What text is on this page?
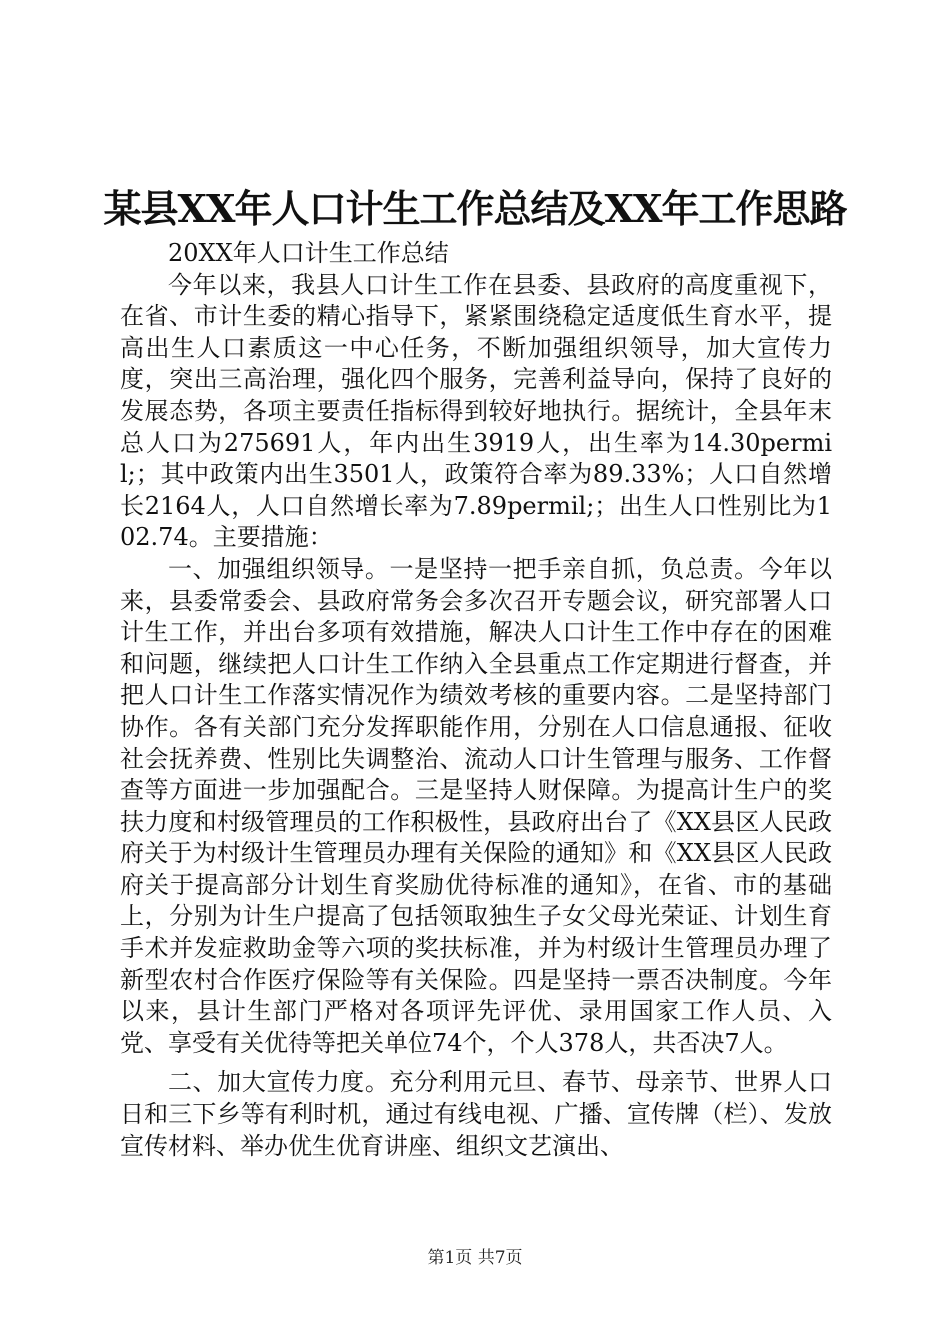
某县XX年人口计生工作总结及XX年工作思路

20XX年人口计生工作总结

今年以来，我县人口计生工作在县委、县政府的高度重视下，在省、市计生委的精心指导下，紧紧围绕稳定适度低生育水平，提高出生人口素质这一中心任务，不断加强组织领导，加大宣传力度，突出三高治理，强化四个服务，完善利益导向，保持了良好的发展态势，各项主要责任指标得到较好地执行。据统计，全县年末总人口为275691人，年内出生3919人，出生率为14.30permil;；其中政策内出生3501人，政策符合率为89.33%；人口自然增长2164人，人口自然增长率为7.89permil;；出生人口性别比为102.74。主要措施：

一、加强组织领导。一是坚持一把手亲自抓，负总责。今年以来，县委常委会、县政府常务会多次召开专题会议，研究部署人口计生工作，并出台多项有效措施，解决人口计生工作中存在的困难和问题，继续把人口计生工作纳入全县重点工作定期进行督查，并把人口计生工作落实情况作为绩效考核的重要内容。二是坚持部门协作。各有关部门充分发挥职能作用，分别在人口信息通报、征收社会抚养费、性别比失调整治、流动人口计生管理与服务、工作督查等方面进一步加强配合。三是坚持人财保障。为提高计生户的奖扶力度和村级管理员的工作积极性，县政府出台了《XX县区人民政府关于为村级计生管理员办理有关保险的通知》和《XX县区人民政府关于提高部分计划生育奖励优待标准的通知》，在省、市的基础上，分别为计生户提高了包括领取独生子女父母光荣证、计划生育手术并发症救助金等六项的奖扶标准，并为村级计生管理员办理了新型农村合作医疗保险等有关保险。四是坚持一票否决制度。今年以来，县计生部门严格对各项评先评优、录用国家工作人员、入党、享受有关优待等把关单位74个，个人378人，共否决7人。

二、加大宣传力度。充分利用元旦、春节、母亲节、世界人口日和三下乡等有利时机，通过有线电视、广播、宣传牌（栏）、发放宣传材料、举办优生优育讲座、组织文艺演出、

第1页 共7页
